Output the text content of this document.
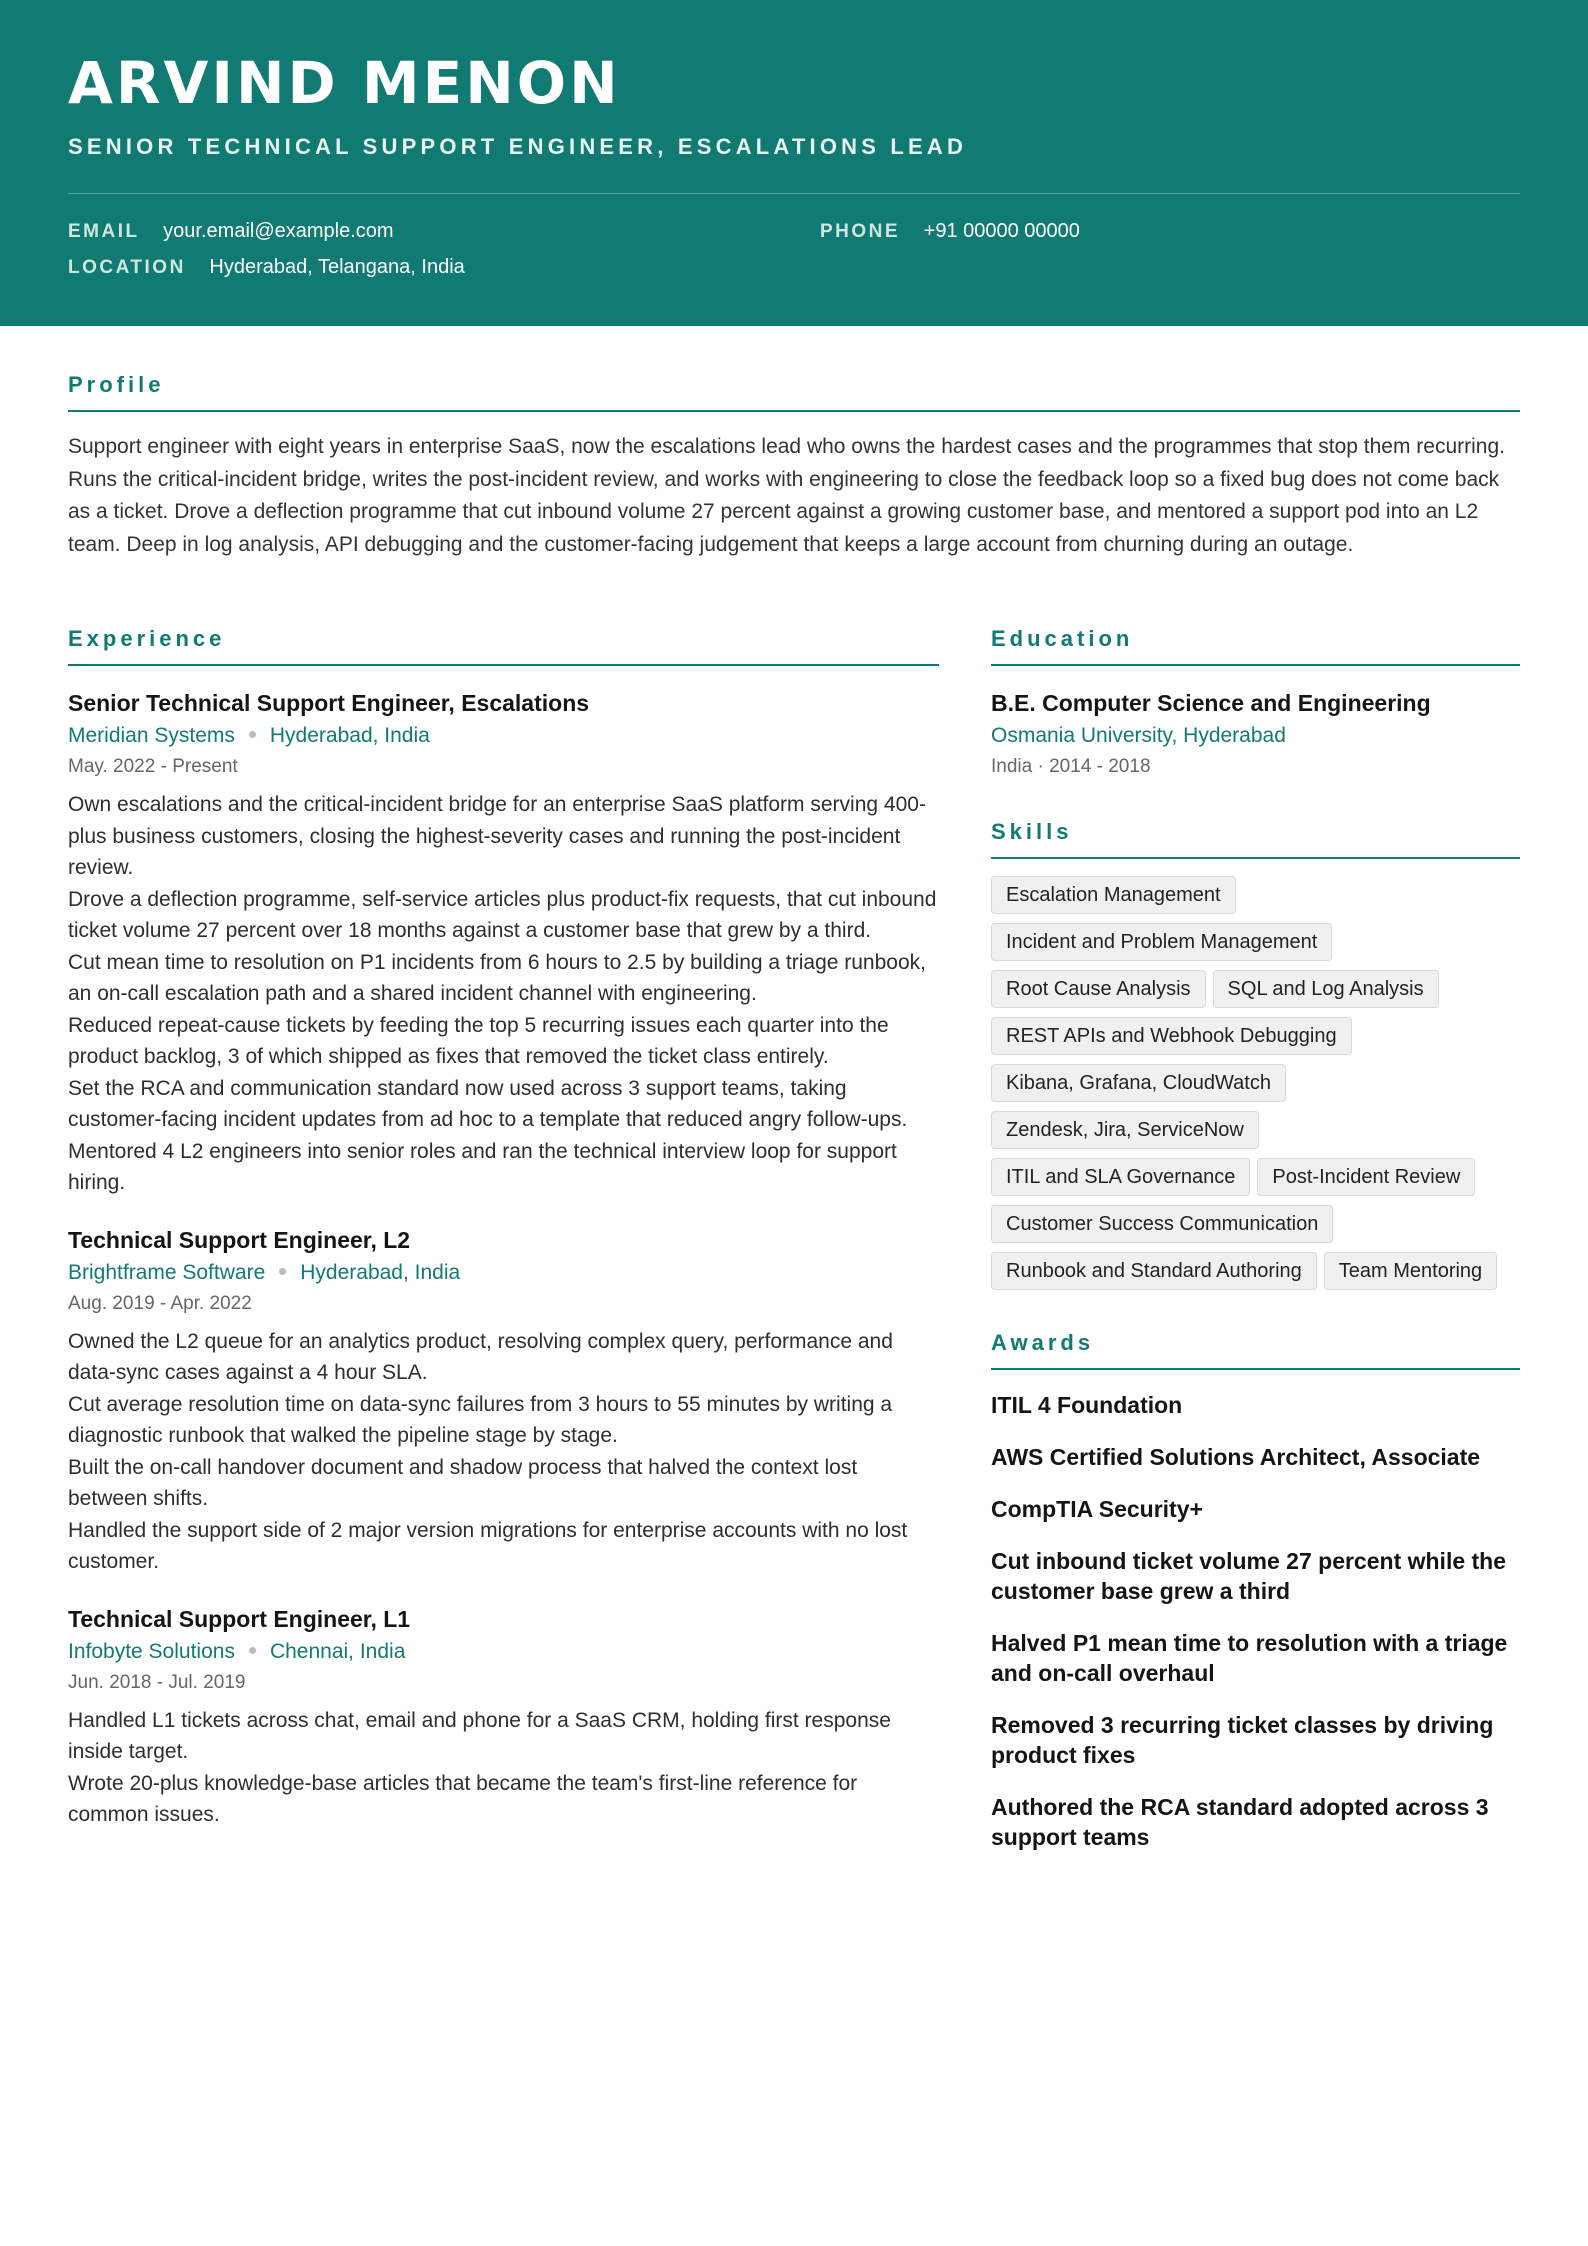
ARVIND MENON
SENIOR TECHNICAL SUPPORT ENGINEER, ESCALATIONS LEAD
EMAIL your.email@example.com	PHONE +91 00000 00000
LOCATION Hyderabad, Telangana, India
Profile

Support engineer with eight years in enterprise SaaS, now the escalations lead who owns the hardest cases and the programmes that stop them recurring. Runs the critical-incident bridge, writes the post-incident review, and works with engineering to close the feedback loop so a fixed bug does not come back as a ticket. Drove a deflection programme that cut inbound volume 27 percent against a growing customer base, and mentored a support pod into an L2 team. Deep in log analysis, API debugging and the customer-facing judgement that keeps a large account from churning during an outage.

Experience
Senior Technical Support Engineer, Escalations
Meridian Systems Hyderabad, India
May. 2022 - Present
Own escalations and the critical-incident bridge for an enterprise SaaS platform serving 400-plus business customers, closing the highest-severity cases and running the post-incident review.
Drove a deflection programme, self-service articles plus product-fix requests, that cut inbound ticket volume 27 percent over 18 months against a customer base that grew by a third.
Cut mean time to resolution on P1 incidents from 6 hours to 2.5 by building a triage runbook, an on-call escalation path and a shared incident channel with engineering.
Reduced repeat-cause tickets by feeding the top 5 recurring issues each quarter into the product backlog, 3 of which shipped as fixes that removed the ticket class entirely.
Set the RCA and communication standard now used across 3 support teams, taking customer-facing incident updates from ad hoc to a template that reduced angry follow-ups.
Mentored 4 L2 engineers into senior roles and ran the technical interview loop for support hiring.
Technical Support Engineer, L2
Brightframe Software Hyderabad, India
Aug. 2019 - Apr. 2022
Owned the L2 queue for an analytics product, resolving complex query, performance and data-sync cases against a 4 hour SLA.
Cut average resolution time on data-sync failures from 3 hours to 55 minutes by writing a diagnostic runbook that walked the pipeline stage by stage.
Built the on-call handover document and shadow process that halved the context lost between shifts.
Handled the support side of 2 major version migrations for enterprise accounts with no lost customer.
Technical Support Engineer, L1
Infobyte Solutions Chennai, India
Jun. 2018 - Jul. 2019
Handled L1 tickets across chat, email and phone for a SaaS CRM, holding first response inside target.
Wrote 20-plus knowledge-base articles that became the team's first-line reference for common issues.
Education
B.E. Computer Science and Engineering
Osmania University, Hyderabad
India · 2014 - 2018
Skills
Escalation Management
Incident and Problem Management
Root Cause Analysis	SQL and Log Analysis
REST APIs and Webhook Debugging
Kibana, Grafana, CloudWatch
Zendesk, Jira, ServiceNow
ITIL and SLA Governance	Post-Incident Review
Customer Success Communication
Runbook and Standard Authoring	Team Mentoring
Awards
ITIL 4 Foundation
AWS Certified Solutions Architect, Associate
CompTIA Security+
Cut inbound ticket volume 27 percent while the customer base grew a third
Halved P1 mean time to resolution with a triage and on-call overhaul
Removed 3 recurring ticket classes by driving product fixes
Authored the RCA standard adopted across 3 support teams
